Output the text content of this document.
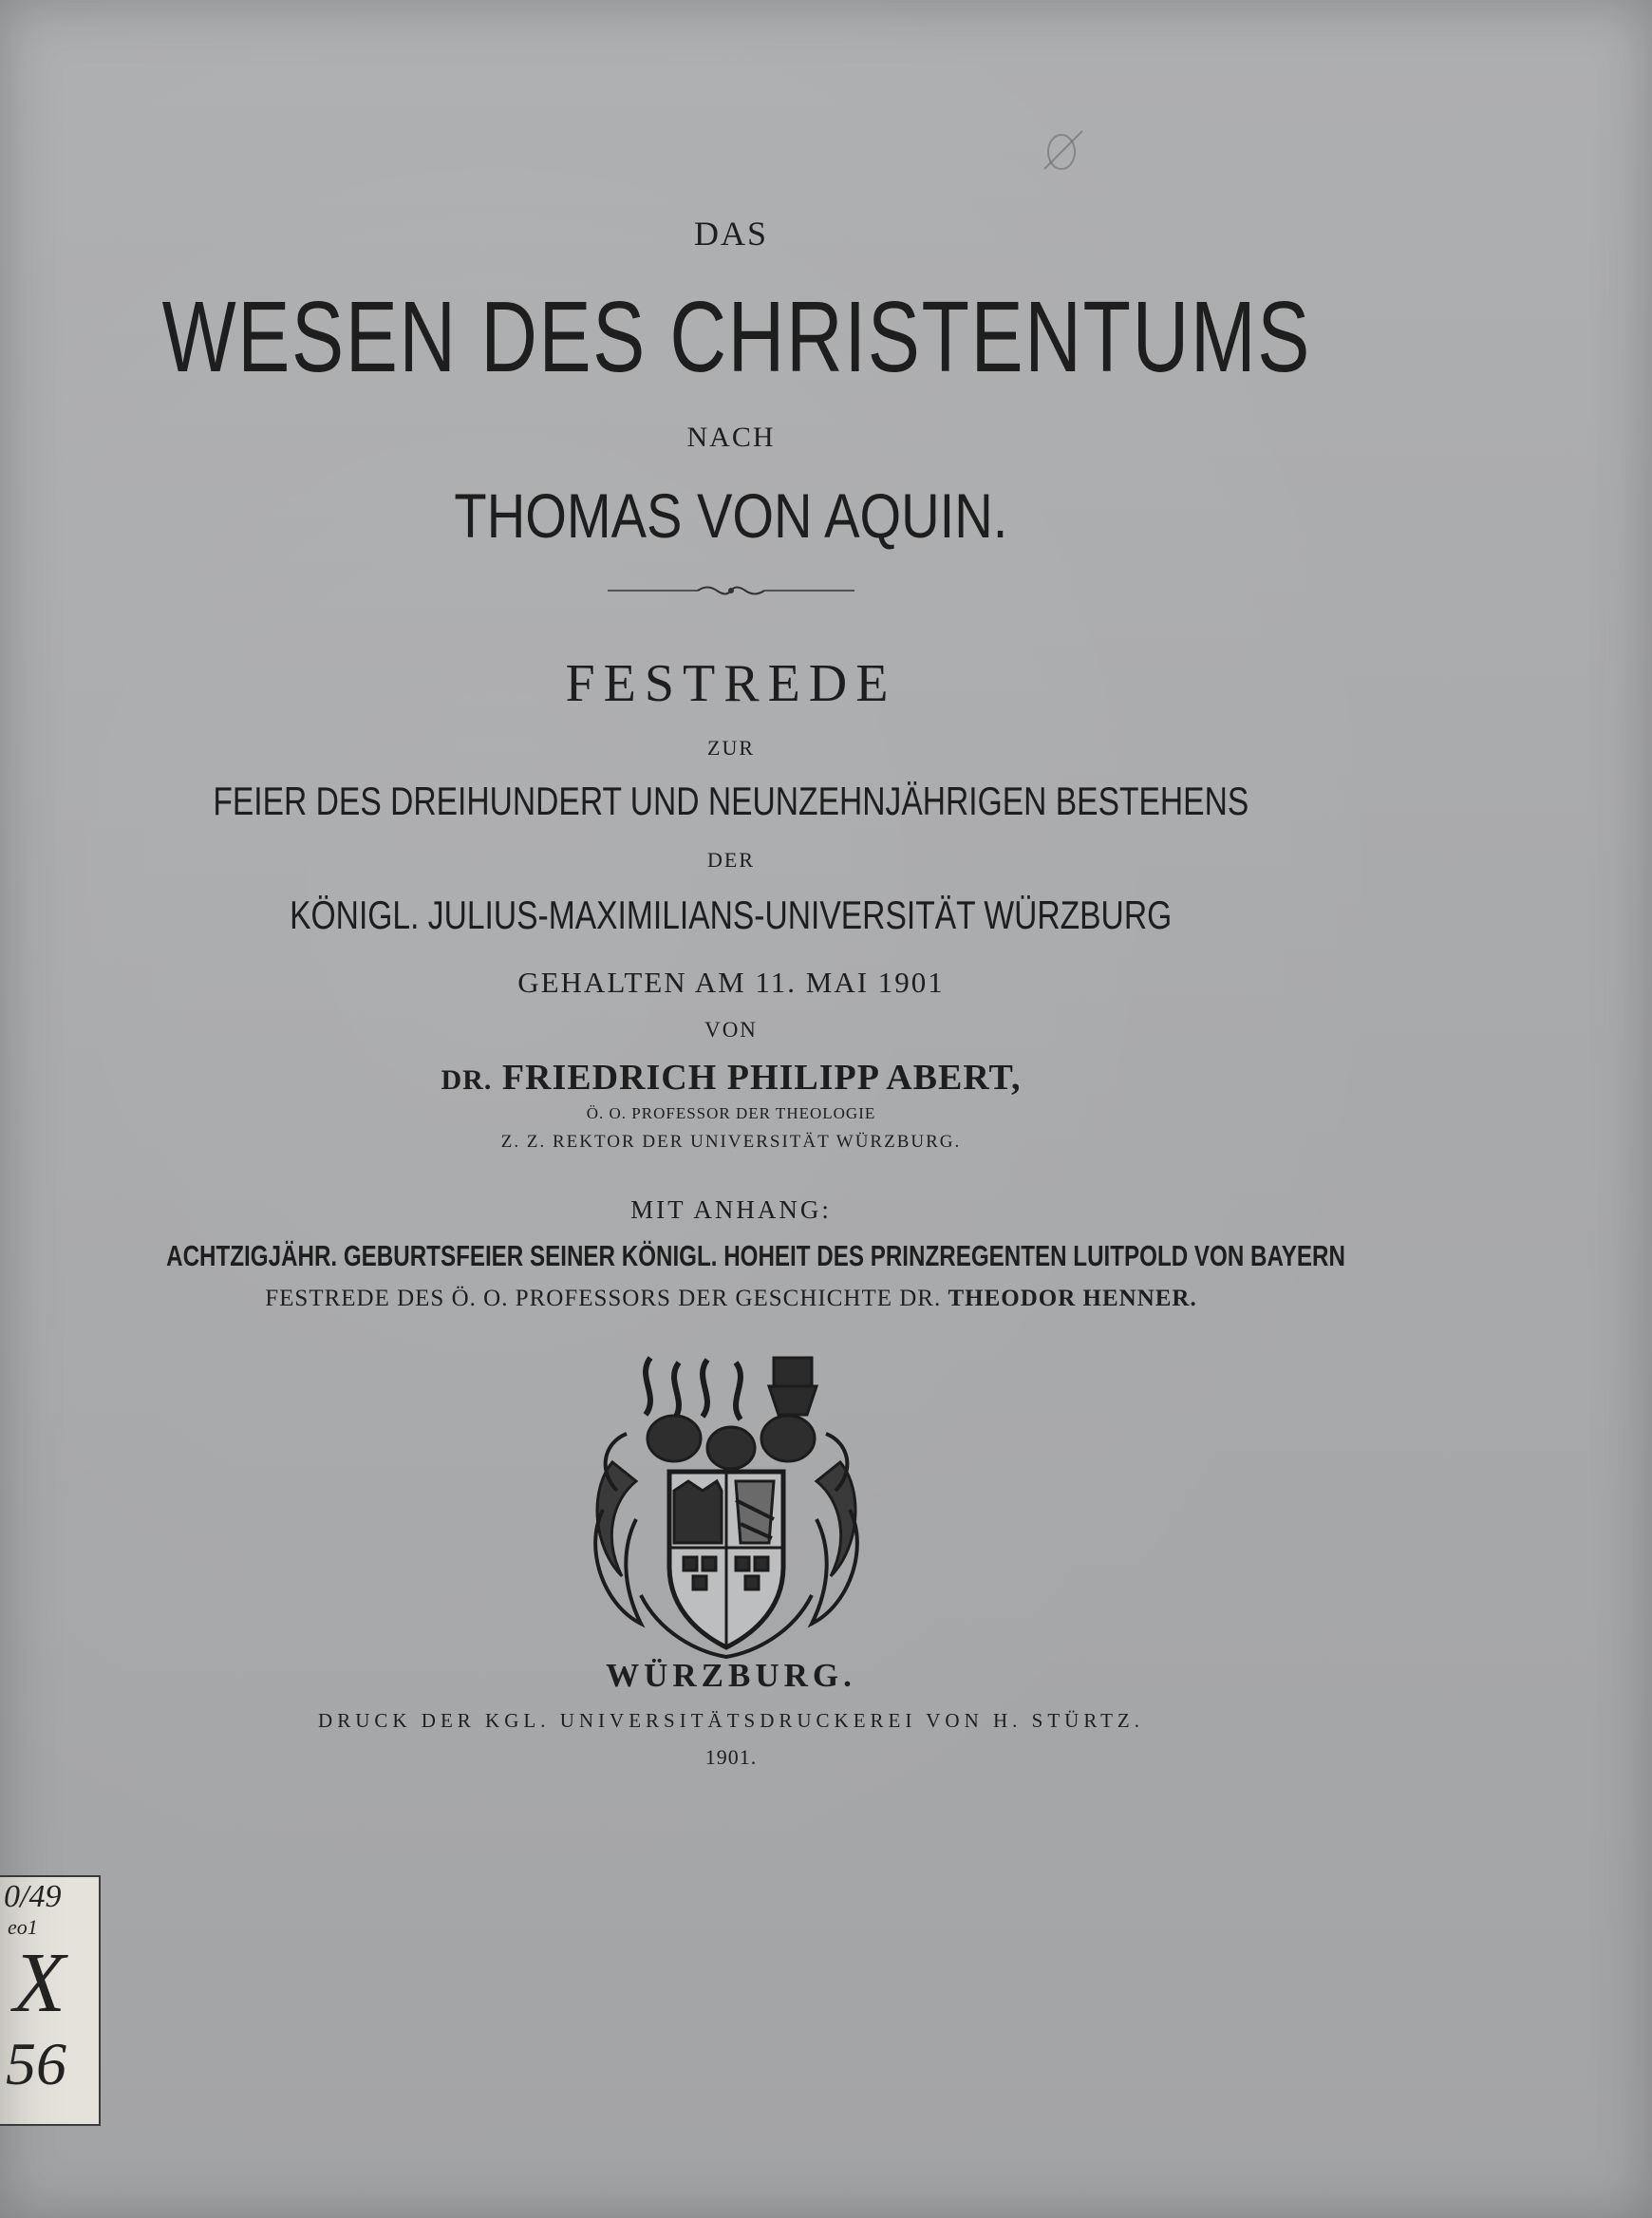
DAS
WESEN DES CHRISTENTUMS
NACH
THOMAS VON AQUIN.
FESTREDE
ZUR
FEIER DES DREIHUNDERT UND NEUNZEHNJÄHRIGEN BESTEHENS
DER
KÖNIGL. JULIUS-MAXIMILIANS-UNIVERSITÄT WÜRZBURG
GEHALTEN AM 11. MAI 1901
VON
DR. FRIEDRICH PHILIPP ABERT,
Ö. O. PROFESSOR DER THEOLOGIE
Z. Z. REKTOR DER UNIVERSITÄT WÜRZBURG.
MIT ANHANG:
ACHTZIGJÄHR. GEBURTSFEIER SEINER KÖNIGL. HOHEIT DES PRINZREGENTEN LUITPOLD VON BAYERN
FESTREDE DES Ö. O. PROFESSORS DER GESCHICHTE DR. THEODOR HENNER.
WÜRZBURG.
DRUCK DER KGL. UNIVERSITÄTSDRUCKEREI VON H. STÜRTZ.
1901.
0/49
eo1
X
56
